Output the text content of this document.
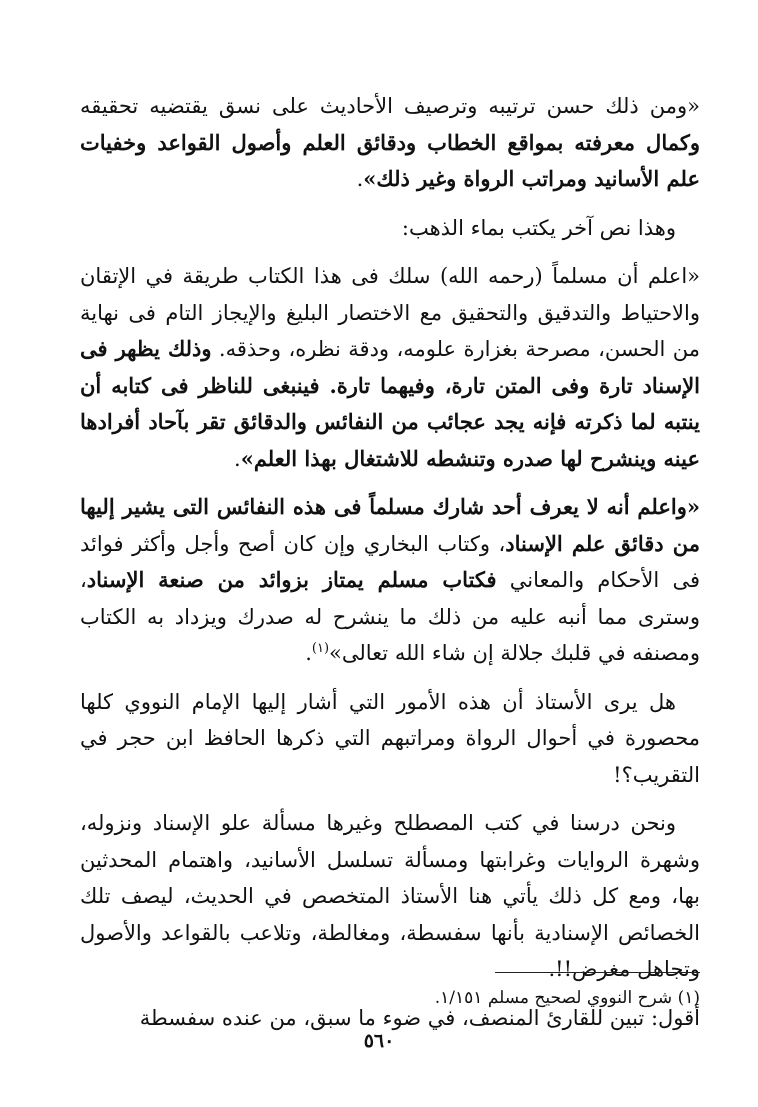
«ومن ذلك حسن ترتيبه وترصيف الأحاديث على نسق يقتضيه تحقيقه وكمال معرفته بمواقع الخطاب ودقائق العلم وأصول القواعد وخفيات علم الأسانيد ومراتب الرواة وغير ذلك».

وهذا نص آخر يكتب بماء الذهب:

«اعلم أن مسلماً (رحمه الله) سلك فى هذا الكتاب طريقة في الإتقان والاحتياط والتدقيق والتحقيق مع الاختصار البليغ والإيجاز التام فى نهاية من الحسن، مصرحة بغزارة علومه، ودقة نظره، وحذقه. وذلك يظهر فى الإسناد تارة وفى المتن تارة، وفيهما تارة. فينبغى للناظر فى كتابه أن ينتبه لما ذكرته فإنه يجد عجائب من النفائس والدقائق تقر بآحاد أفرادها عينه وينشرح لها صدره وتنشطه للاشتغال بهذا العلم».

«واعلم أنه لا يعرف أحد شارك مسلماً فى هذه النفائس التى يشير إليها من دقائق علم الإسناد، وكتاب البخاري وإن كان أصح وأجل وأكثر فوائد فى الأحكام والمعاني فكتاب مسلم يمتاز بزوائد من صنعة الإسناد، وسترى مما أنبه عليه من ذلك ما ينشرح له صدرك ويزداد به الكتاب ومصنفه في قلبك جلالة إن شاء الله تعالى»$^{(١)}$.

هل يرى الأستاذ أن هذه الأمور التي أشار إليها الإمام النووي كلها محصورة في أحوال الرواة ومراتبهم التي ذكرها الحافظ ابن حجر في التقريب؟!

ونحن درسنا في كتب المصطلح وغيرها مسألة علو الإسناد ونزوله، وشهرة الروايات وغرابتها ومسألة تسلسل الأسانيد، واهتمام المحدثين بها، ومع كل ذلك يأتي هنا الأستاذ المتخصص في الحديث، ليصف تلك الخصائص الإسنادية بأنها سفسطة، ومغالطة، وتلاعب بالقواعد والأصول وتجاهل مغرض!!.

أقول: تبين للقارئ المنصف، في ضوء ما سبق، من عنده سفسطة

(١) شرح النووي لصحيح مسلم ١/١٥١.
٥٦٠
